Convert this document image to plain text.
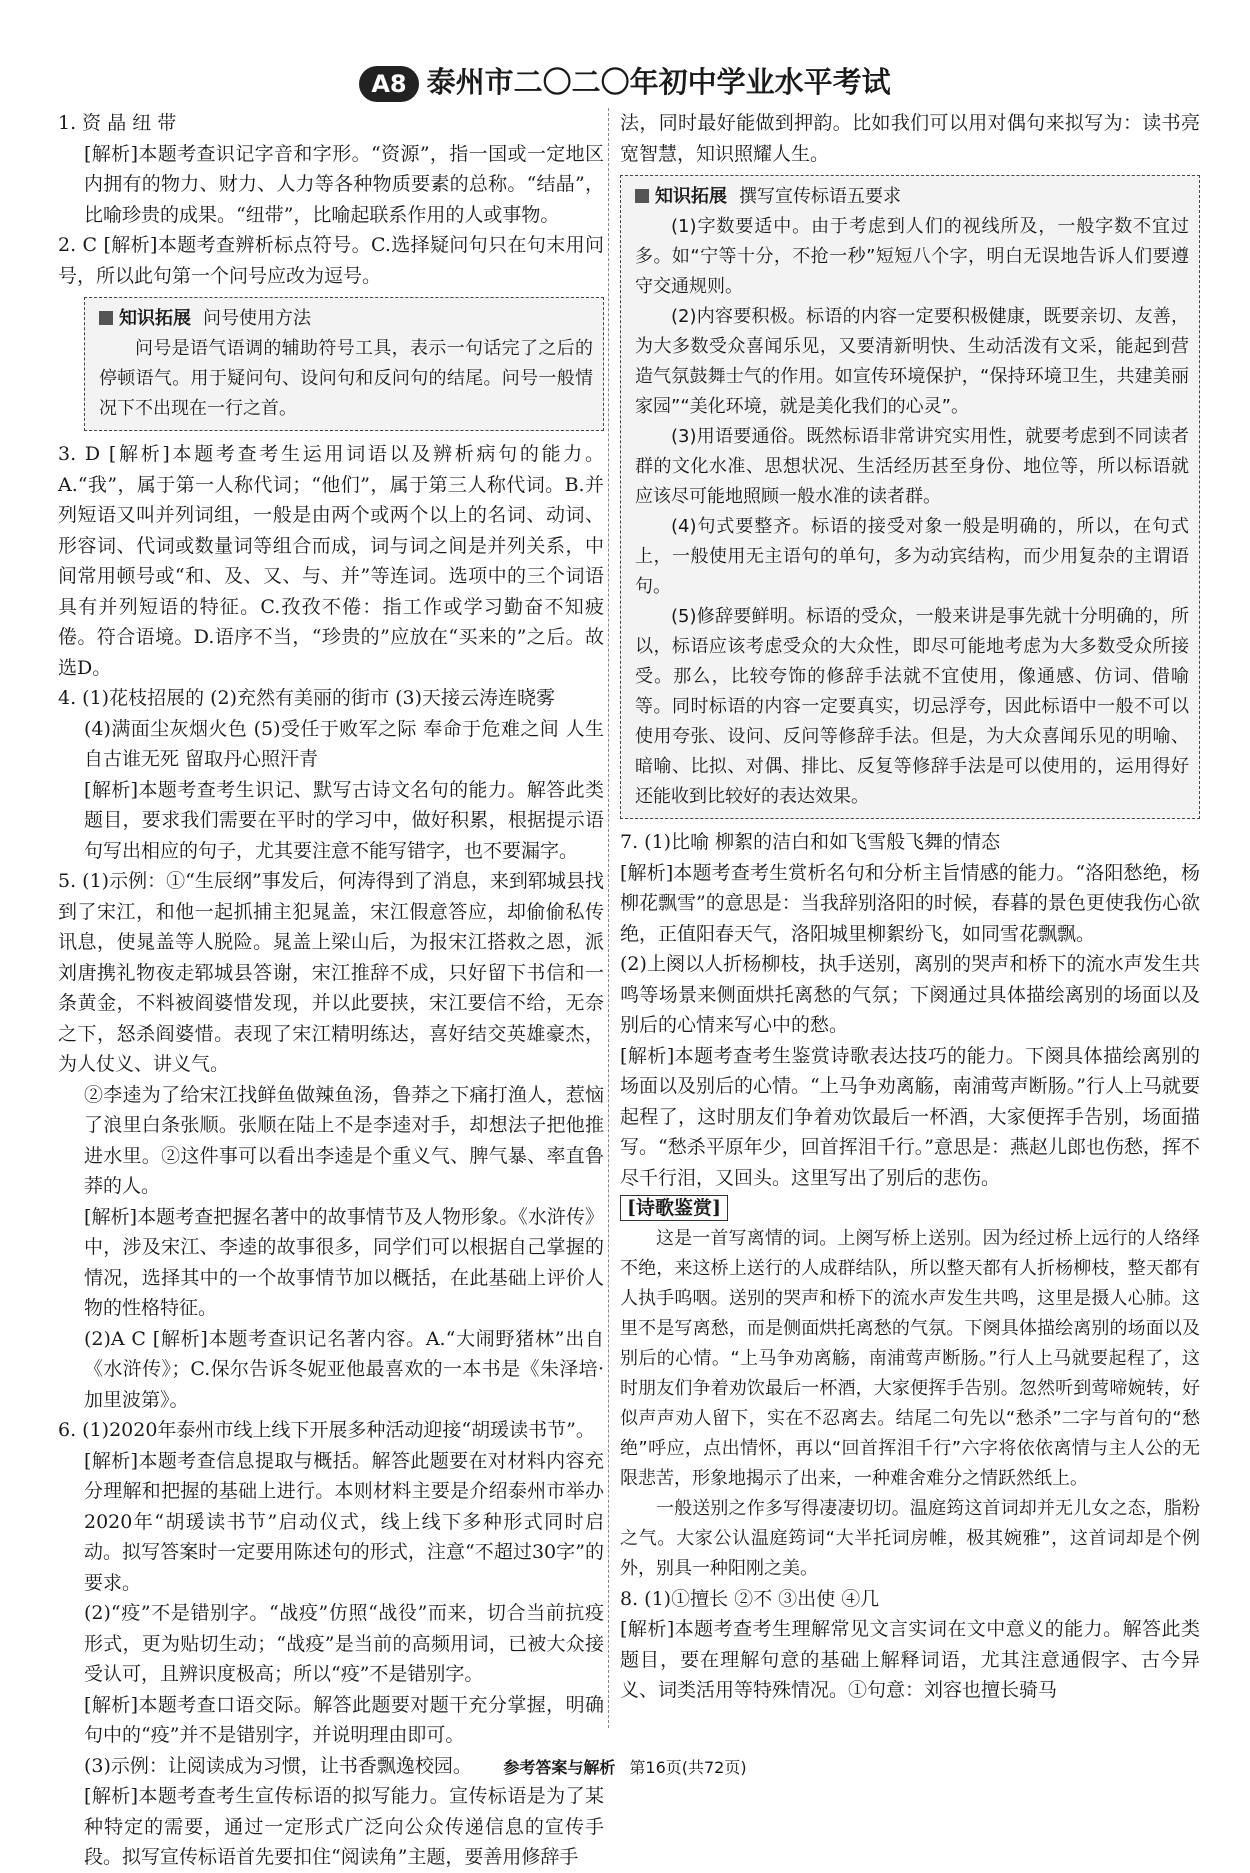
A8 泰州市二〇二〇年初中学业水平考试

1. 资 晶 纽 带

[解析]本题考查识记字音和字形。“资源”，指一国或一定地区内拥有的物力、财力、人力等各种物质要素的总称。“结晶”，比喻珍贵的成果。“纽带”，比喻起联系作用的人或事物。

2. C [解析]本题考查辨析标点符号。C.选择疑问句只在句末用问号，所以此句第一个问号应改为逗号。

知识拓展 问号使用方法

问号是语气语调的辅助符号工具，表示一句话完了之后的停顿语气。用于疑问句、设问句和反问句的结尾。问号一般情况下不出现在一行之首。

3. D [解析]本题考查考生运用词语以及辨析病句的能力。A.“我”，属于第一人称代词；“他们”，属于第三人称代词。B.并列短语又叫并列词组，一般是由两个或两个以上的名词、动词、形容词、代词或数量词等组合而成，词与词之间是并列关系，中间常用顿号或“和、及、又、与、并”等连词。选项中的三个词语具有并列短语的特征。C.孜孜不倦：指工作或学习勤奋不知疲倦。符合语境。D.语序不当，“珍贵的”应放在“买来的”之后。故选D。

4. (1)花枝招展的 (2)充然有美丽的街市 (3)天接云涛连晓雾

(4)满面尘灰烟火色 (5)受任于败军之际 奉命于危难之间 人生自古谁无死 留取丹心照汗青

[解析]本题考查考生识记、默写古诗文名句的能力。解答此类题目，要求我们需要在平时的学习中，做好积累，根据提示语句写出相应的句子，尤其要注意不能写错字，也不要漏字。

5. (1)示例：①“生辰纲”事发后，何涛得到了消息，来到郓城县找到了宋江，和他一起抓捕主犯晁盖，宋江假意答应，却偷偷私传讯息，使晁盖等人脱险。晁盖上梁山后，为报宋江搭救之恩，派刘唐携礼物夜走郓城县答谢，宋江推辞不成，只好留下书信和一条黄金，不料被阎婆惜发现，并以此要挟，宋江要信不给，无奈之下，怒杀阎婆惜。表现了宋江精明练达，喜好结交英雄豪杰，为人仗义、讲义气。

②李逵为了给宋江找鲜鱼做辣鱼汤，鲁莽之下痛打渔人，惹恼了浪里白条张顺。张顺在陆上不是李逵对手，却想法子把他推进水里。②这件事可以看出李逵是个重义气、脾气暴、率直鲁莽的人。

[解析]本题考查把握名著中的故事情节及人物形象。《水浒传》中，涉及宋江、李逵的故事很多，同学们可以根据自己掌握的情况，选择其中的一个故事情节加以概括，在此基础上评价人物的性格特征。

(2)A C [解析]本题考查识记名著内容。A.“大闹野猪林”出自《水浒传》；C.保尔告诉冬妮亚他最喜欢的一本书是《朱泽培·加里波第》。

6. (1)2020年泰州市线上线下开展多种活动迎接“胡瑗读书节”。

[解析]本题考查信息提取与概括。解答此题要在对材料内容充分理解和把握的基础上进行。本则材料主要是介绍泰州市举办2020年“胡瑗读书节”启动仪式，线上线下多种形式同时启动。拟写答案时一定要用陈述句的形式，注意“不超过30字”的要求。

(2)“疫”不是错别字。“战疫”仿照“战役”而来，切合当前抗疫形式，更为贴切生动；“战疫”是当前的高频用词，已被大众接受认可，且辨识度极高；所以“疫”不是错别字。

[解析]本题考查口语交际。解答此题要对题干充分掌握，明确句中的“疫”并不是错别字，并说明理由即可。

(3)示例：让阅读成为习惯，让书香飘逸校园。

[解析]本题考查考生宣传标语的拟写能力。宣传标语是为了某种特定的需要，通过一定形式广泛向公众传递信息的宣传手段。拟写宣传标语首先要扣住“阅读角”主题，要善用修辞手

法，同时最好能做到押韵。比如我们可以用对偶句来拟写为：读书亮宽智慧，知识照耀人生。

知识拓展 撰写宣传标语五要求

(1)字数要适中。由于考虑到人们的视线所及，一般字数不宜过多。如“宁等十分，不抢一秒”短短八个字，明白无误地告诉人们要遵守交通规则。

(2)内容要积极。标语的内容一定要积极健康，既要亲切、友善，为大多数受众喜闻乐见，又要清新明快、生动活泼有文采，能起到营造气氛鼓舞士气的作用。如宣传环境保护，“保持环境卫生，共建美丽家园”“美化环境，就是美化我们的心灵”。

(3)用语要通俗。既然标语非常讲究实用性，就要考虑到不同读者群的文化水准、思想状况、生活经历甚至身份、地位等，所以标语就应该尽可能地照顾一般水准的读者群。

(4)句式要整齐。标语的接受对象一般是明确的，所以，在句式上，一般使用无主语句的单句，多为动宾结构，而少用复杂的主谓语句。

(5)修辞要鲜明。标语的受众，一般来讲是事先就十分明确的，所以，标语应该考虑受众的大众性，即尽可能地考虑为大多数受众所接受。那么，比较夸饰的修辞手法就不宜使用，像通感、仿词、借喻等。同时标语的内容一定要真实，切忌浮夸，因此标语中一般不可以使用夸张、设问、反问等修辞手法。但是，为大众喜闻乐见的明喻、暗喻、比拟、对偶、排比、反复等修辞手法是可以使用的，运用得好还能收到比较好的表达效果。

7. (1)比喻 柳絮的洁白和如飞雪般飞舞的情态

[解析]本题考查考生赏析名句和分析主旨情感的能力。“洛阳愁绝，杨柳花飘雪”的意思是：当我辞别洛阳的时候，春暮的景色更使我伤心欲绝，正值阳春天气，洛阳城里柳絮纷飞，如同雪花飘飘。

(2)上阕以人折杨柳枝，执手送别，离别的哭声和桥下的流水声发生共鸣等场景来侧面烘托离愁的气氛；下阕通过具体描绘离别的场面以及别后的心情来写心中的愁。

[解析]本题考查考生鉴赏诗歌表达技巧的能力。下阕具体描绘离别的场面以及别后的心情。“上马争劝离觞，南浦莺声断肠。”行人上马就要起程了，这时朋友们争着劝饮最后一杯酒，大家便挥手告别，场面描写。“愁杀平原年少，回首挥泪千行。”意思是：燕赵儿郎也伤愁，挥不尽千行泪，又回头。这里写出了别后的悲伤。

[诗歌鉴赏]

这是一首写离情的词。上阕写桥上送别。因为经过桥上远行的人络绎不绝，来这桥上送行的人成群结队，所以整天都有人折杨柳枝，整天都有人执手呜咽。送别的哭声和桥下的流水声发生共鸣，这里是摄人心肺。这里不是写离愁，而是侧面烘托离愁的气氛。下阕具体描绘离别的场面以及别后的心情。“上马争劝离觞，南浦莺声断肠。”行人上马就要起程了，这时朋友们争着劝饮最后一杯酒，大家便挥手告别。忽然听到莺啼婉转，好似声声劝人留下，实在不忍离去。结尾二句先以“愁杀”二字与首句的“愁绝”呼应，点出情怀，再以“回首挥泪千行”六字将依依离情与主人公的无限悲苦，形象地揭示了出来，一种难舍难分之情跃然纸上。

一般送别之作多写得凄凄切切。温庭筠这首词却并无儿女之态，脂粉之气。大家公认温庭筠词“大半托词房帷，极其婉雅”，这首词却是个例外，别具一种阳刚之美。

8. (1)①擅长 ②不 ③出使 ④几

[解析]本题考查考生理解常见文言实词在文中意义的能力。解答此类题目，要在理解句意的基础上解释词语，尤其注意通假字、古今异义、词类活用等特殊情况。①句意：刘容也擅长骑马

参考答案与解析 第16页(共72页)
